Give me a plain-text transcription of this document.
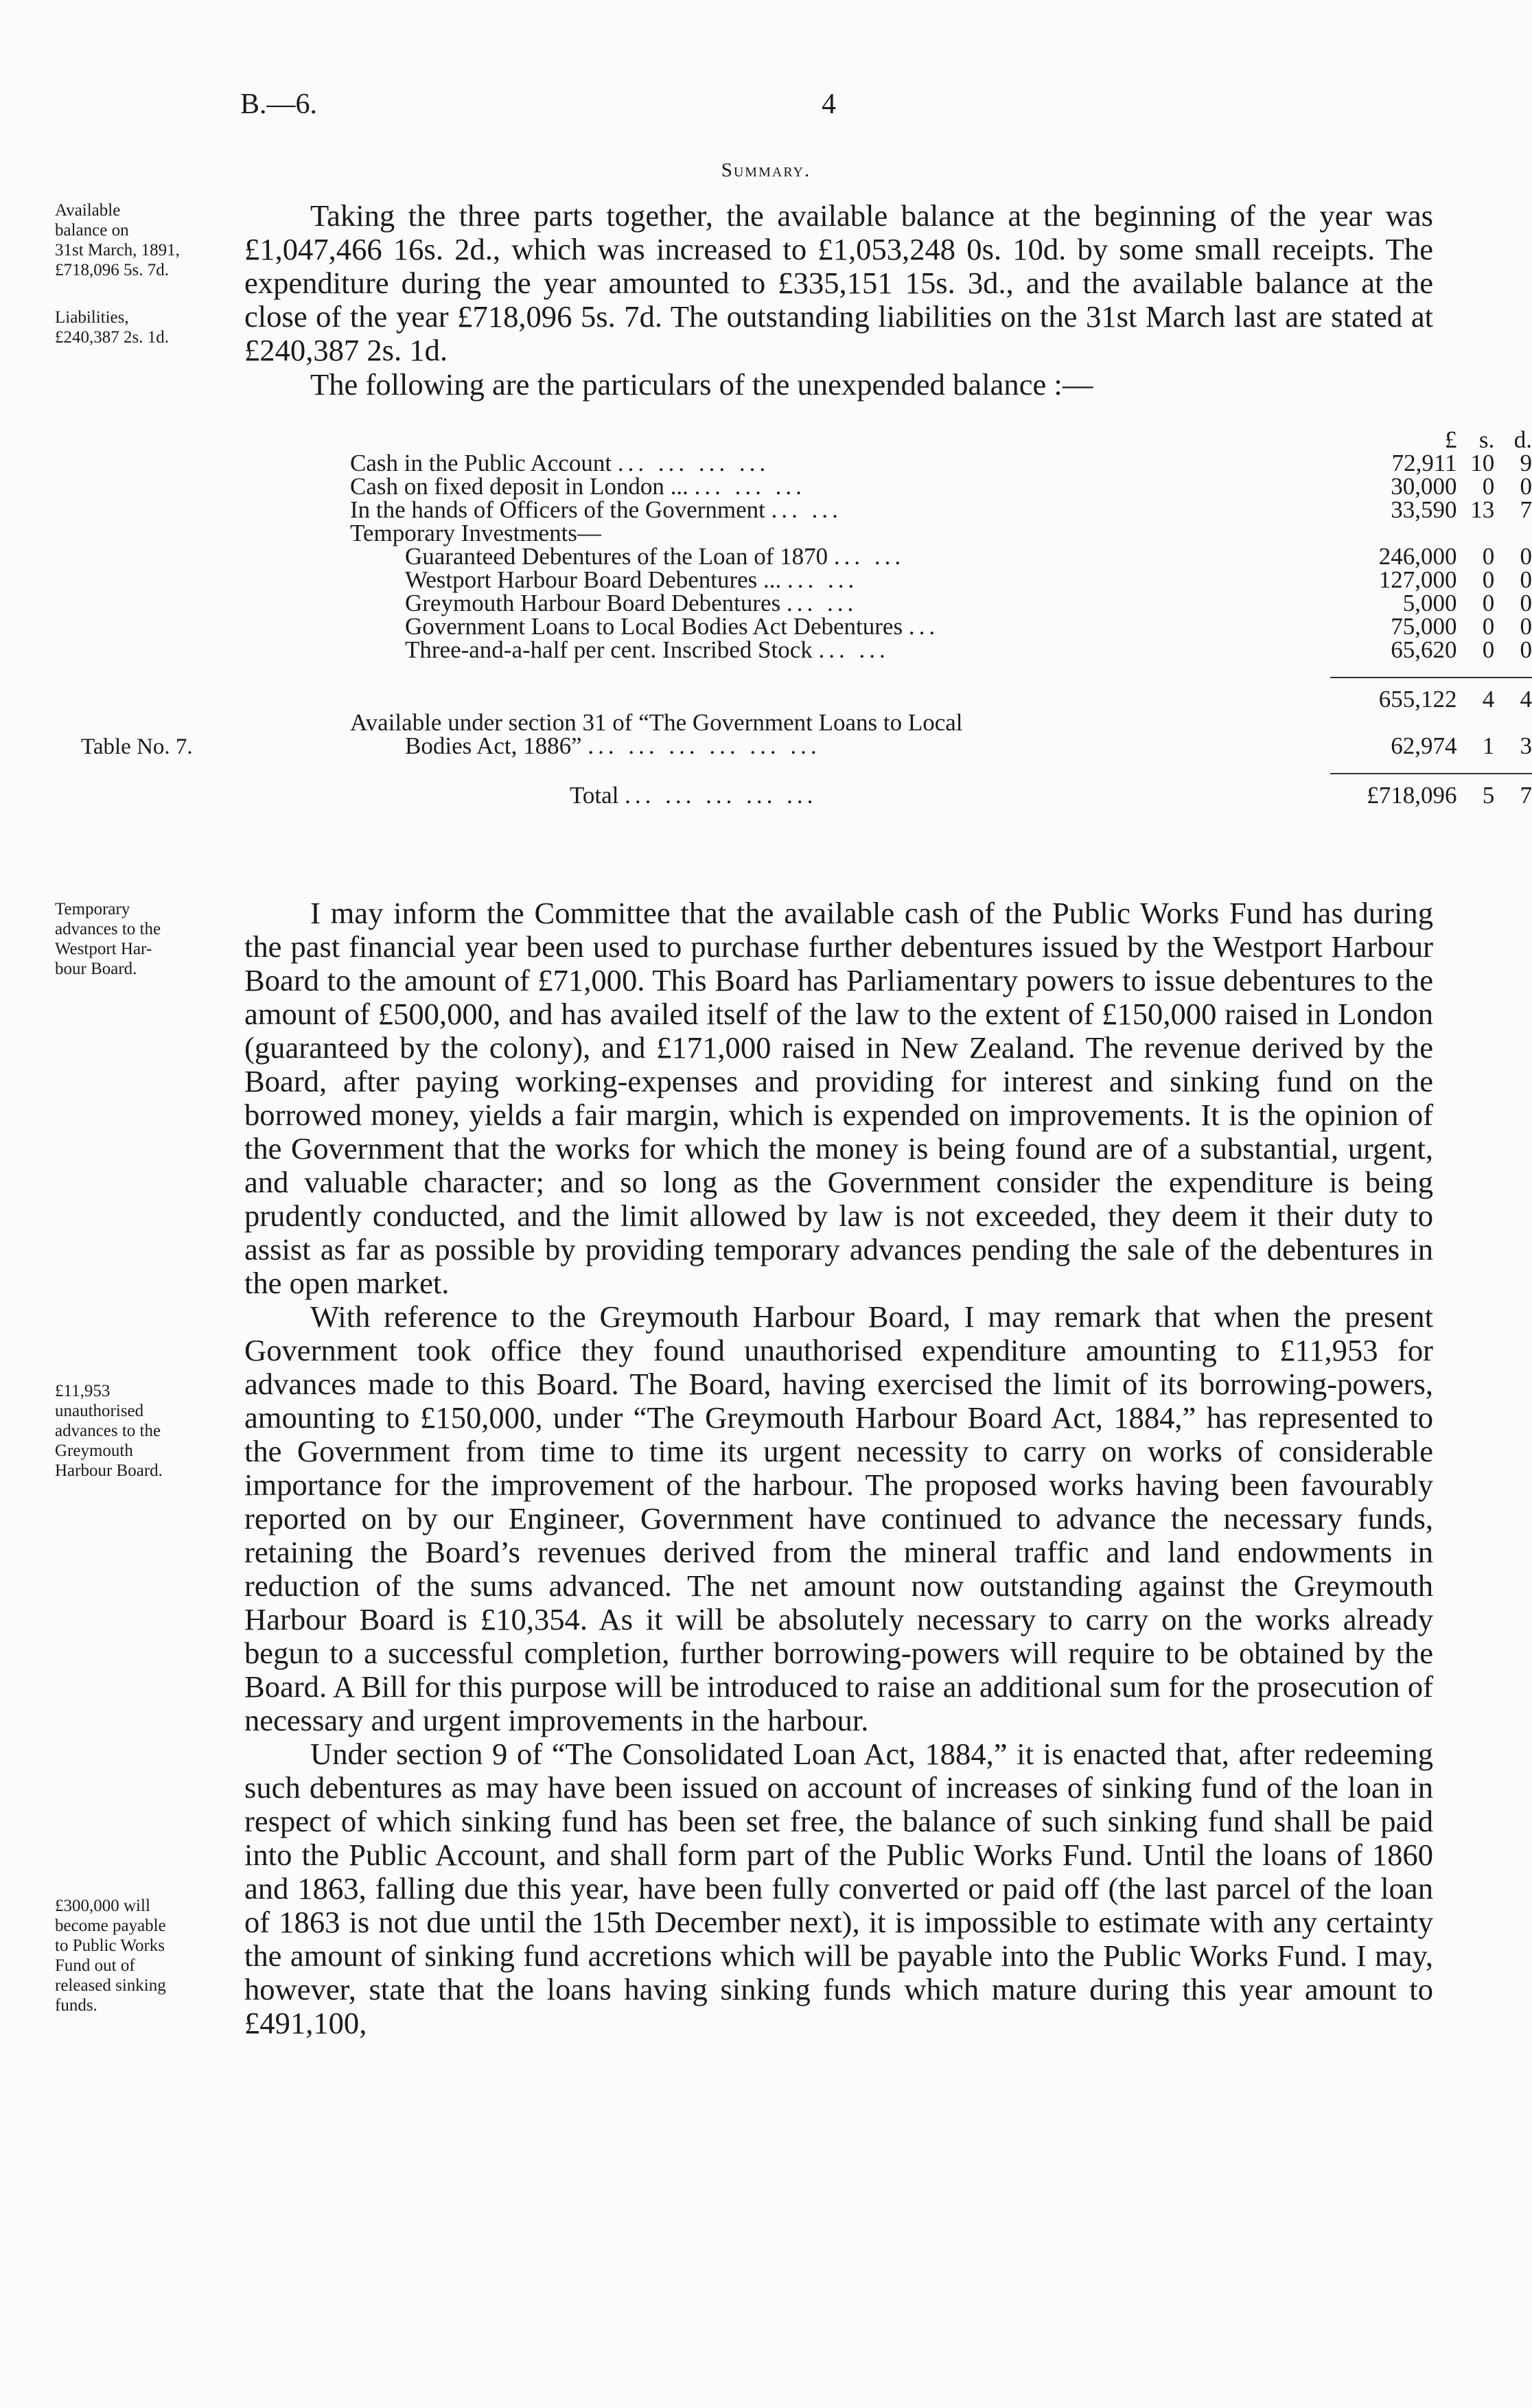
B.—6.	4
Summary.

Available

balance on

31st March, 1891,

£718,096 5s. 7d.

Liabilities,

£240,387 2s. 1d.

Table No. 7.

Temporary

advances to the

Westport Har-

bour Board.

£11,953

unauthorised

advances to the

Greymouth

Harbour Board.

£300,000 will

become payable

to Public Works

Fund out of

released sinking

funds.

Taking the three parts together, the available balance at the beginning of the year was £1,047,466 16s. 2d., which was increased to £1,053,248 0s. 10d. by some small receipts. The expenditure during the year amounted to £335,151 15s. 3d., and the available balance at the close of the year £718,096 5s. 7d. The outstanding liabilities on the 31st March last are stated at £240,387 2s. 1d.

The following are the particulars of the unexpended balance :—
	£	s.	d.
Cash in the Public Account ... ... ... ...	72,911	10	9
Cash on fixed deposit in London ... ... ... ...	30,000	0	0
In the hands of Officers of the Government ... ...	33,590	13	7
Temporary Investments—			
Guaranteed Debentures of the Loan of 1870 ... ...	246,000	0	0
Westport Harbour Board Debentures ... ... ...	127,000	0	0
Greymouth Harbour Board Debentures ... ...	5,000	0	0
Government Loans to Local Bodies Act Debentures ...	75,000	0	0
Three-and-a-half per cent. Inscribed Stock ... ...	65,620	0	0

	655,122	4	4
Available under section 31 of “The Government Loans to Local			
Bodies Act, 1886” ... ... ... ... ... ...	62,974	1	3

Total ... ... ... ... ...	£718,096	5	7

I may inform the Committee that the available cash of the Public Works Fund has during the past financial year been used to purchase further debentures issued by the Westport Harbour Board to the amount of £71,000. This Board has Parliamentary powers to issue debentures to the amount of £500,000, and has availed itself of the law to the extent of £150,000 raised in London (guaranteed by the colony), and £171,000 raised in New Zealand. The revenue derived by the Board, after paying working-expenses and providing for interest and sinking fund on the borrowed money, yields a fair margin, which is expended on improvements. It is the opinion of the Government that the works for which the money is being found are of a substantial, urgent, and valuable character; and so long as the Government consider the expenditure is being prudently conducted, and the limit allowed by law is not exceeded, they deem it their duty to assist as far as possible by providing temporary advances pending the sale of the debentures in the open market.

With reference to the Greymouth Harbour Board, I may remark that when the present Government took office they found unauthorised expenditure amounting to £11,953 for advances made to this Board. The Board, having exercised the limit of its borrowing-powers, amounting to £150,000, under “The Greymouth Harbour Board Act, 1884,” has represented to the Government from time to time its urgent necessity to carry on works of considerable importance for the improvement of the harbour. The proposed works having been favourably reported on by our Engineer, Government have continued to advance the necessary funds, retaining the Board’s revenues derived from the mineral traffic and land endowments in reduction of the sums advanced. The net amount now outstanding against the Greymouth Harbour Board is £10,354. As it will be absolutely necessary to carry on the works already begun to a successful completion, further borrowing-powers will require to be obtained by the Board. A Bill for this purpose will be introduced to raise an additional sum for the prosecution of necessary and urgent improvements in the harbour.

Under section 9 of “The Consolidated Loan Act, 1884,” it is enacted that, after redeeming such debentures as may have been issued on account of increases of sinking fund of the loan in respect of which sinking fund has been set free, the balance of such sinking fund shall be paid into the Public Account, and shall form part of the Public Works Fund. Until the loans of 1860 and 1863, falling due this year, have been fully converted or paid off (the last parcel of the loan of 1863 is not due until the 15th December next), it is impossible to estimate with any certainty the amount of sinking fund accretions which will be payable into the Public Works Fund. I may, however, state that the loans having sinking funds which mature during this year amount to £491,100,
